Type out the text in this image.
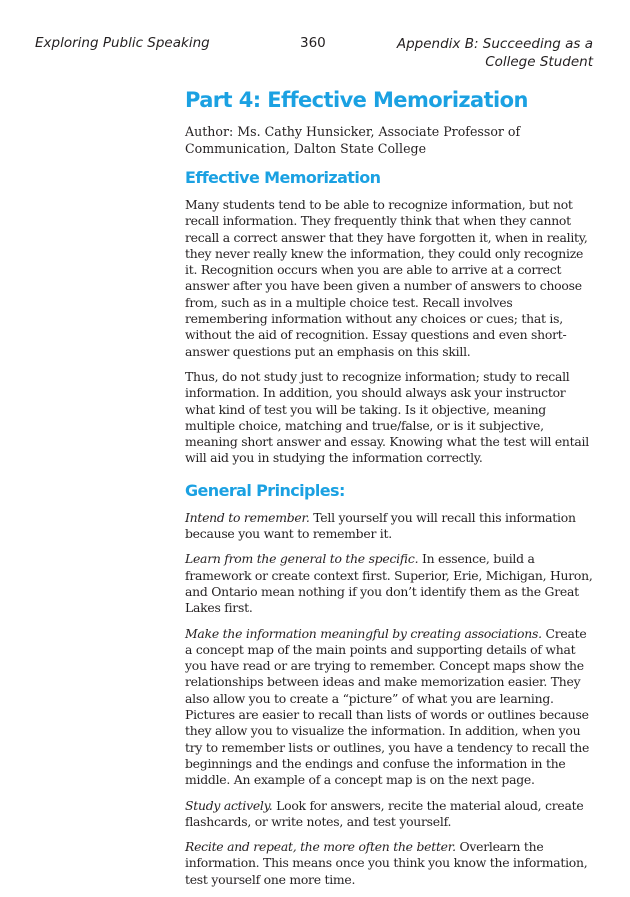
Exploring Public Speaking	360	Appendix B: Succeeding as a
College Student
Part 4: Effective Memorization

Author: Ms. Cathy Hunsicker, Associate Professor of Communication, Dalton State College

Effective Memorization

Many students tend to be able to recognize information, but not recall information. They frequently think that when they cannot recall a correct answer that they have forgotten it, when in reality, they never really knew the information, they could only recognize it. Recognition occurs when you are able to arrive at a correct answer after you have been given a number of answers to choose from, such as in a multiple choice test. Recall involves remembering information without any choices or cues; that is, without the aid of recognition. Essay questions and even short-answer questions put an emphasis on this skill.

Thus, do not study just to recognize information; study to recall information. In addition, you should always ask your instructor what kind of test you will be taking. Is it objective, meaning multiple choice, matching and true/false, or is it subjective, meaning short answer and essay. Knowing what the test will entail will aid you in studying the information correctly.

General Principles:

Intend to remember. Tell yourself you will recall this information because you want to remember it.

Learn from the general to the specific. In essence, build a framework or create context first. Superior, Erie, Michigan, Huron, and Ontario mean nothing if you don’t identify them as the Great Lakes first.

Make the information meaningful by creating associations. Create a concept map of the main points and supporting details of what you have read or are trying to remember. Concept maps show the relationships between ideas and make memorization easier. They also allow you to create a “picture” of what you are learning. Pictures are easier to recall than lists of words or outlines because they allow you to visualize the information. In addition, when you try to remember lists or outlines, you have a tendency to recall the beginnings and the endings and confuse the information in the middle. An example of a concept map is on the next page.

Study actively. Look for answers, recite the material aloud, create flashcards, or write notes, and test yourself.

Recite and repeat, the more often the better. Overlearn the information. This means once you think you know the information, test yourself one more time.
